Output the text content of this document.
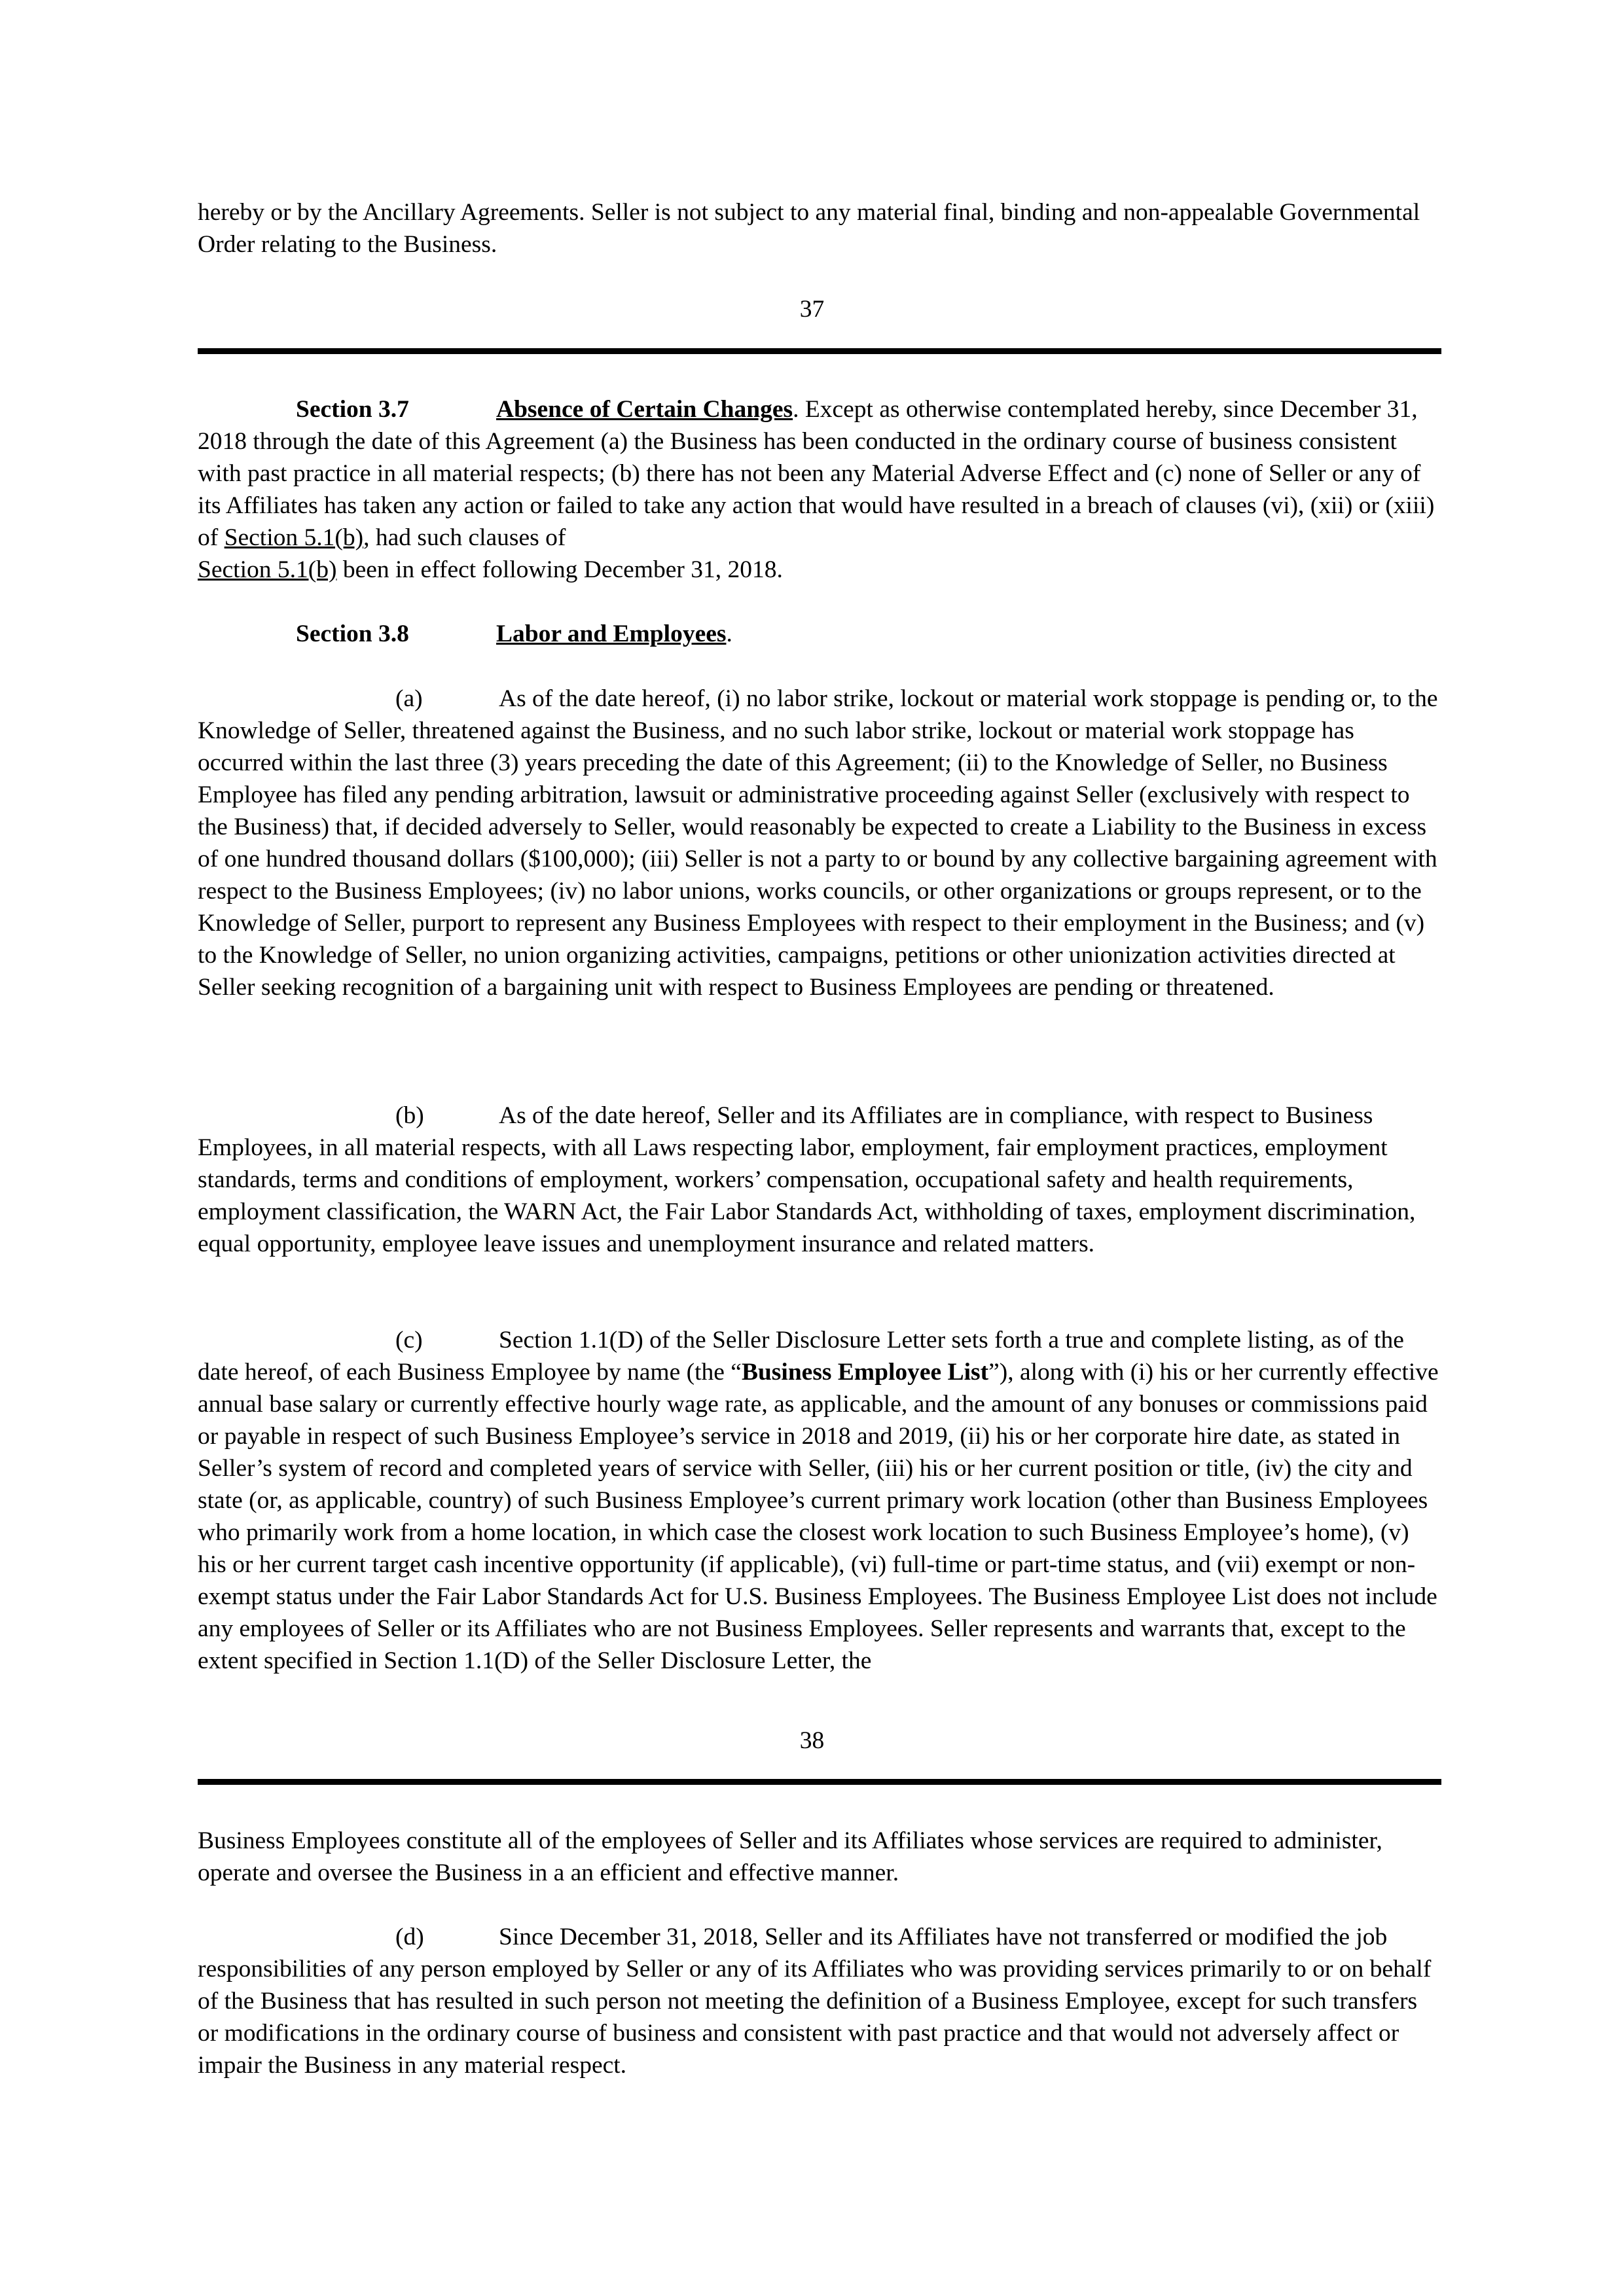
hereby or by the Ancillary Agreements. Seller is not subject to any material final, binding and non-appealable Governmental Order relating to the Business.

37

Section 3.7	Absence of Certain Changes. Except as otherwise contemplated hereby, since December 31, 2018 through the date of this Agreement (a) the Business has been conducted in the ordinary course of business consistent with past practice in all material respects; (b) there has not been any Material Adverse Effect and (c) none of Seller or any of its Affiliates has taken any action or failed to take any action that would have resulted in a breach of clauses (vi), (xii) or (xiii) of Section 5.1(b), had such clauses of
Section 5.1(b) been in effect following December 31, 2018.

Section 3.8	Labor and Employees.

(a)	As of the date hereof, (i) no labor strike, lockout or material work stoppage is pending or, to the Knowledge of Seller, threatened against the Business, and no such labor strike, lockout or material work stoppage has occurred within the last three (3) years preceding the date of this Agreement; (ii) to the Knowledge of Seller, no Business Employee has filed any pending arbitration, lawsuit or administrative proceeding against Seller (exclusively with respect to the Business) that, if decided adversely to Seller, would reasonably be expected to create a Liability to the Business in excess of one hundred thousand dollars ($100,000); (iii) Seller is not a party to or bound by any collective bargaining agreement with respect to the Business Employees; (iv) no labor unions, works councils, or other organizations or groups represent, or to the Knowledge of Seller, purport to represent any Business Employees with respect to their employment in the Business; and (v) to the Knowledge of Seller, no union organizing activities, campaigns, petitions or other unionization activities directed at Seller seeking recognition of a bargaining unit with respect to Business Employees are pending or threatened.

(b)	As of the date hereof, Seller and its Affiliates are in compliance, with respect to Business Employees, in all material respects, with all Laws respecting labor, employment, fair employment practices, employment standards, terms and conditions of employment, workers’ compensation, occupational safety and health requirements, employment classification, the WARN Act, the Fair Labor Standards Act, withholding of taxes, employment discrimination, equal opportunity, employee leave issues and unemployment insurance and related matters.

(c)	Section 1.1(D) of the Seller Disclosure Letter sets forth a true and complete listing, as of the date hereof, of each Business Employee by name (the “Business Employee List”), along with (i) his or her currently effective annual base salary or currently effective hourly wage rate, as applicable, and the amount of any bonuses or commissions paid or payable in respect of such Business Employee’s service in 2018 and 2019, (ii) his or her corporate hire date, as stated in Seller’s system of record and completed years of service with Seller, (iii) his or her current position or title, (iv) the city and state (or, as applicable, country) of such Business Employee’s current primary work location (other than Business Employees who primarily work from a home location, in which case the closest work location to such Business Employee’s home), (v) his or her current target cash incentive opportunity (if applicable), (vi) full-time or part-time status, and (vii) exempt or non-exempt status under the Fair Labor Standards Act for U.S. Business Employees. The Business Employee List does not include any employees of Seller or its Affiliates who are not Business Employees. Seller represents and warrants that, except to the extent specified in Section 1.1(D) of the Seller Disclosure Letter, the

38

Business Employees constitute all of the employees of Seller and its Affiliates whose services are required to administer, operate and oversee the Business in a an efficient and effective manner.

(d)	Since December 31, 2018, Seller and its Affiliates have not transferred or modified the job responsibilities of any person employed by Seller or any of its Affiliates who was providing services primarily to or on behalf of the Business that has resulted in such person not meeting the definition of a Business Employee, except for such transfers or modifications in the ordinary course of business and consistent with past practice and that would not adversely affect or impair the Business in any material respect.
